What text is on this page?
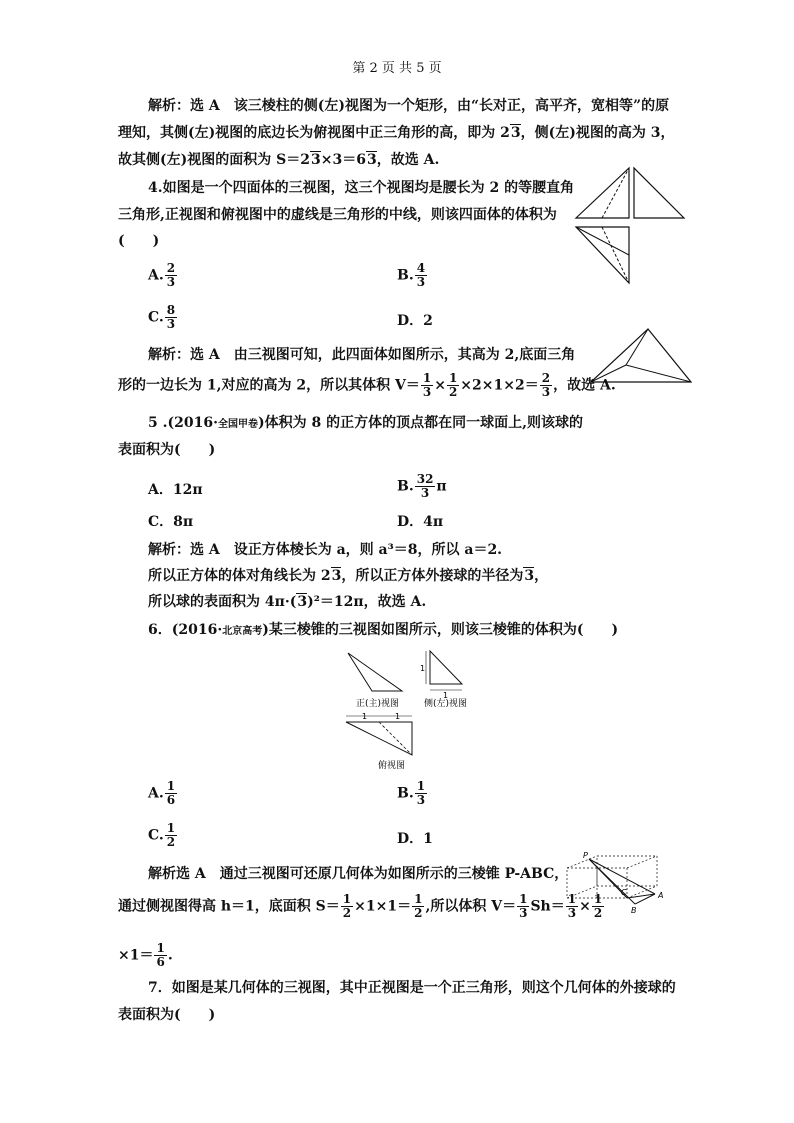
第 2 页 共 5 页
解析：选 A　该三棱柱的侧(左)视图为一个矩形，由“长对正，高平齐，宽相等”的原
理知，其侧(左)视图的底边长为俯视图中正三角形的高，即为 23，侧(左)视图的高为 3，
故其侧(左)视图的面积为 S＝23×3＝63，故选 A.
4.如图是一个四面体的三视图，这三个视图均是腰长为 2 的等腰直角
三角形,正视图和俯视图中的虚线是三角形的中线，则该四面体的体积为
(　　)
A. $\frac{2}{3}$	B. $\frac{4}{3}$
C. $\frac{8}{3}$	D．2
解析：选 A　由三视图可知，此四面体如图所示，其高为 2,底面三角
形的一边长为 1,对应的高为 2，所以其体积 $V= \frac{1}{3} \times \frac{1}{2} \times 2\times 1\times 2= \frac{2}{3}$ ，故选 A.
5 .(2016·全国甲卷)体积为 8 的正方体的顶点都在同一球面上,则该球的
表面积为(　　)
A．12π	B. $\frac{32}{3}$ π
C．8π	D．4π
解析：选 A　设正方体棱长为 a，则 a³＝8，所以 a＝2.
所以正方体的体对角线长为 23，所以正方体外接球的半径为3，
所以球的表面积为 4π·(3)²＝12π，故选 A.
6．(2016·北京高考)某三棱锥的三视图如图所示，则该三棱锥的体积为(　　)
正(主)视图
1
1
侧(左)视图
1	1
俯视图
A. $\frac{1}{6}$	B. $\frac{1}{3}$
C. $\frac{1}{2}$	D．1
解析选 A　通过三视图可还原几何体为如图所示的三棱锥 P-ABC，
通过侧视图得高 h＝1，底面积 $S= \frac{1}{2} \times 1\times 1= \frac{1}{2}$ ,所以体积 $V= \frac{1}{3} Sh= \frac{1}{3} \times \frac{1}{2}$
$\times 1= \frac{1}{6}$ .
P
A
B
C
7．如图是某几何体的三视图，其中正视图是一个正三角形，则这个几何体的外接球的
表面积为(　　)
